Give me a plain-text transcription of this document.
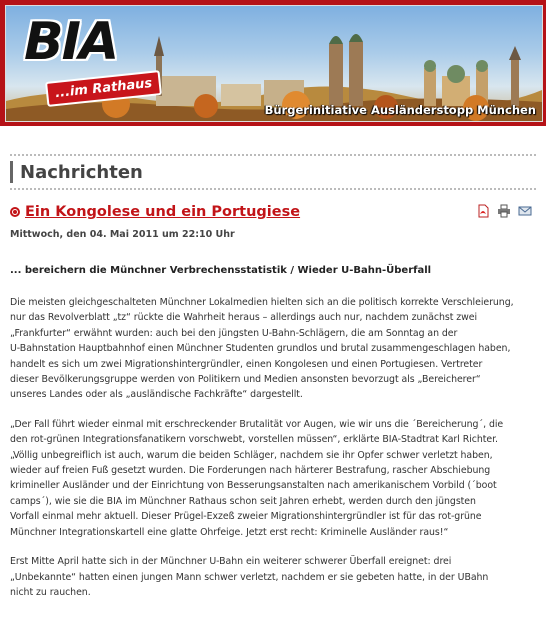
BIA
...im Rathaus
Bürgerinitiative Ausländerstopp München
Nachrichten
Ein Kongolese und ein Portugiese
Mittwoch, den 04. Mai 2011 um 22:10 Uhr
... bereichern die Münchner Verbrechensstatistik / Wieder U-Bahn-Überfall
Die meisten gleichgeschalteten Münchner Lokalmedien hielten sich an die politisch korrekte Verschleierung,
nur das Revolverblatt „tz“ rückte die Wahrheit heraus – allerdings auch nur, nachdem zunächst zwei
„Frankfurter“ erwähnt wurden: auch bei den jüngsten U-Bahn-Schlägern, die am Sonntag an der
U-Bahnstation Hauptbahnhof einen Münchner Studenten grundlos und brutal zusammengeschlagen haben,
handelt es sich um zwei Migrationshintergründler, einen Kongolesen und einen Portugiesen. Vertreter
dieser Bevölkerungsgruppe werden von Politikern und Medien ansonsten bevorzugt als „Bereicherer“
unseres Landes oder als „ausländische Fachkräfte“ dargestellt.
„Der Fall führt wieder einmal mit erschreckender Brutalität vor Augen, wie wir uns die ´Bereicherung´, die
den rot-grünen Integrationsfanatikern vorschwebt, vorstellen müssen“, erklärte BIA-Stadtrat Karl Richter.
„Völlig unbegreiflich ist auch, warum die beiden Schläger, nachdem sie ihr Opfer schwer verletzt haben,
wieder auf freien Fuß gesetzt wurden. Die Forderungen nach härterer Bestrafung, rascher Abschiebung
krimineller Ausländer und der Einrichtung von Besserungsanstalten nach amerikanischem Vorbild (´boot
camps´), wie sie die BIA im Münchner Rathaus schon seit Jahren erhebt, werden durch den jüngsten
Vorfall einmal mehr aktuell. Dieser Prügel-Exzeß zweier Migrationshintergründler ist für das rot-grüne
Münchner Integrationskartell eine glatte Ohrfeige. Jetzt erst recht: Kriminelle Ausländer raus!“
Erst Mitte April hatte sich in der Münchner U-Bahn ein weiterer schwerer Überfall ereignet: drei
„Unbekannte“ hatten einen jungen Mann schwer verletzt, nachdem er sie gebeten hatte, in der UBahn
nicht zu rauchen.
